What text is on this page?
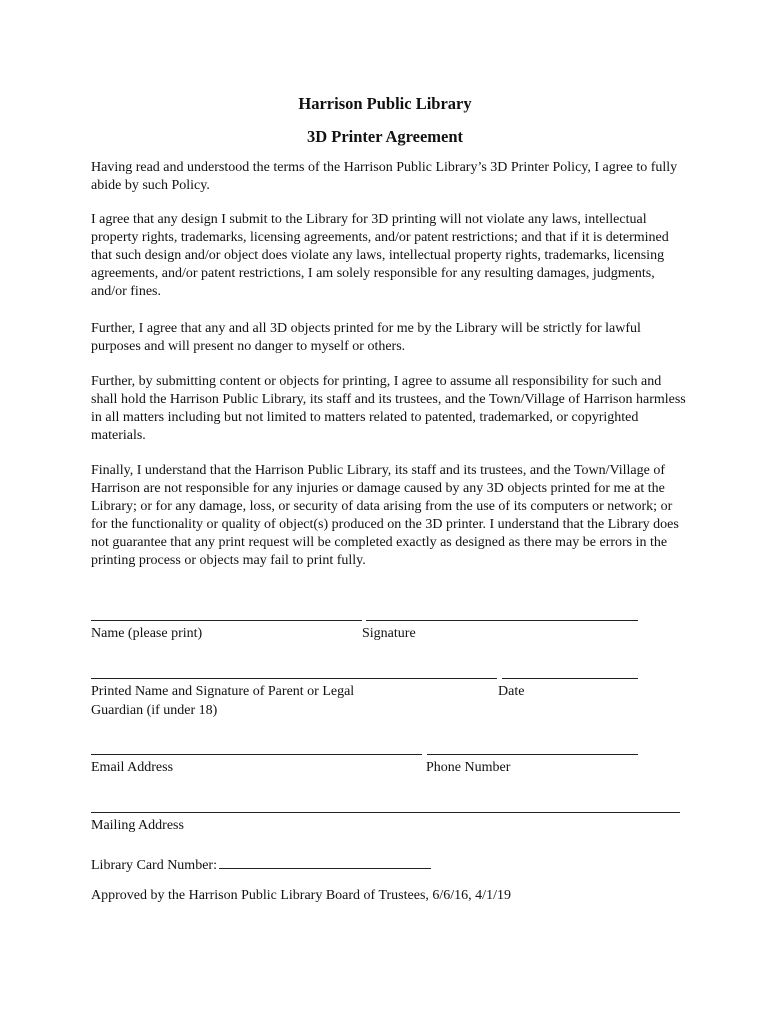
Harrison Public Library
3D Printer Agreement

Having read and understood the terms of the Harrison Public Library’s 3D Printer Policy, I agree to fully abide by such Policy.

I agree that any design I submit to the Library for 3D printing will not violate any laws, intellectual property rights, trademarks, licensing agreements, and/or patent restrictions; and that if it is determined that such design and/or object does violate any laws, intellectual property rights, trademarks, licensing agreements, and/or patent restrictions, I am solely responsible for any resulting damages, judgments, and/or fines.

Further, I agree that any and all 3D objects printed for me by the Library will be strictly for lawful purposes and will present no danger to myself or others.

Further, by submitting content or objects for printing, I agree to assume all responsibility for such and shall hold the Harrison Public Library, its staff and its trustees, and the Town/Village of Harrison harmless in all matters including but not limited to matters related to patented, trademarked, or copyrighted materials.

Finally, I understand that the Harrison Public Library, its staff and its trustees, and the Town/Village of Harrison are not responsible for any injuries or damage caused by any 3D objects printed for me at the Library; or for any damage, loss, or security of data arising from the use of its computers or network; or for the functionality or quality of object(s) produced on the 3D printer. I understand that the Library does not guarantee that any print request will be completed exactly as designed as there may be errors in the printing process or objects may fail to print fully.

Name (please print)	Signature
Printed Name and Signature of Parent or Legal Guardian (if under 18)
Date
Email Address	Phone Number
Mailing Address
Library Card Number:
Approved by the Harrison Public Library Board of Trustees, 6/6/16, 4/1/19
